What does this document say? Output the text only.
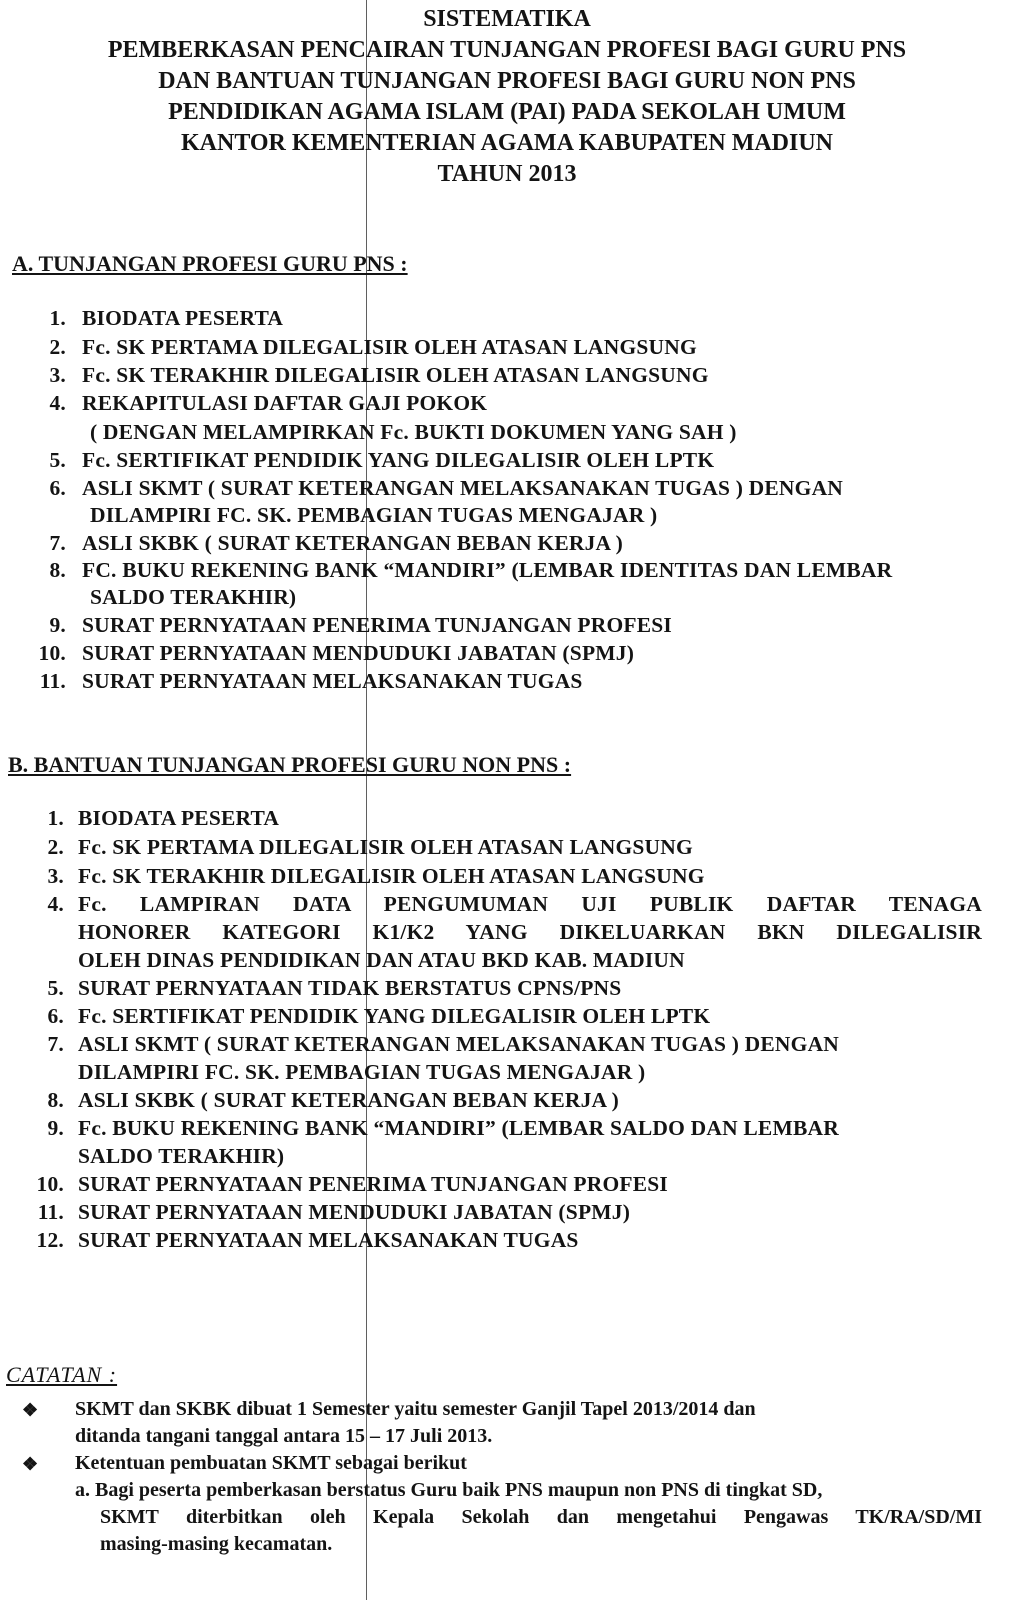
SISTEMATIKA
PEMBERKASAN PENCAIRAN TUNJANGAN PROFESI BAGI GURU PNS
DAN BANTUAN TUNJANGAN PROFESI BAGI GURU NON PNS
PENDIDIKAN AGAMA ISLAM (PAI) PADA SEKOLAH UMUM
KANTOR KEMENTERIAN AGAMA KABUPATEN MADIUN
TAHUN 2013
A. TUNJANGAN PROFESI GURU PNS :
1. BIODATA PESERTA
2. Fc. SK PERTAMA DILEGALISIR OLEH ATASAN LANGSUNG
3. Fc. SK TERAKHIR DILEGALISIR OLEH ATASAN LANGSUNG
4. REKAPITULASI DAFTAR GAJI POKOK
( DENGAN MELAMPIRKAN Fc. BUKTI DOKUMEN YANG SAH )
5. Fc. SERTIFIKAT PENDIDIK YANG DILEGALISIR OLEH LPTK
6. ASLI SKMT ( SURAT KETERANGAN MELAKSANAKAN TUGAS ) DENGAN
DILAMPIRI FC. SK. PEMBAGIAN TUGAS MENGAJAR )
7. ASLI SKBK ( SURAT KETERANGAN BEBAN KERJA )
8. FC. BUKU REKENING BANK “MANDIRI” (LEMBAR IDENTITAS DAN LEMBAR
SALDO TERAKHIR)
9. SURAT PERNYATAAN PENERIMA TUNJANGAN PROFESI
10. SURAT PERNYATAAN MENDUDUKI JABATAN (SPMJ)
11. SURAT PERNYATAAN MELAKSANAKAN TUGAS
B. BANTUAN TUNJANGAN PROFESI GURU NON PNS :
1. BIODATA PESERTA
2. Fc. SK PERTAMA DILEGALISIR OLEH ATASAN LANGSUNG
3. Fc. SK TERAKHIR DILEGALISIR OLEH ATASAN LANGSUNG
4. Fc. LAMPIRAN DATA PENGUMUMAN UJI PUBLIK DAFTAR TENAGA
HONORER KATEGORI K1/K2 YANG DIKELUARKAN BKN DILEGALISIR
OLEH DINAS PENDIDIKAN DAN ATAU BKD KAB. MADIUN
5. SURAT PERNYATAAN TIDAK BERSTATUS CPNS/PNS
6. Fc. SERTIFIKAT PENDIDIK YANG DILEGALISIR OLEH LPTK
7. ASLI SKMT ( SURAT KETERANGAN MELAKSANAKAN TUGAS ) DENGAN
DILAMPIRI FC. SK. PEMBAGIAN TUGAS MENGAJAR )
8. ASLI SKBK ( SURAT KETERANGAN BEBAN KERJA )
9. Fc. BUKU REKENING BANK “MANDIRI” (LEMBAR SALDO DAN LEMBAR
SALDO TERAKHIR)
10. SURAT PERNYATAAN PENERIMA TUNJANGAN PROFESI
11. SURAT PERNYATAAN MENDUDUKI JABATAN (SPMJ)
12. SURAT PERNYATAAN MELAKSANAKAN TUGAS
CATATAN :
❖ SKMT dan SKBK dibuat 1 Semester yaitu semester Ganjil Tapel 2013/2014 dan
ditanda tangani tanggal antara 15 – 17 Juli 2013.
❖ Ketentuan pembuatan SKMT sebagai berikut
a. Bagi peserta pemberkasan berstatus Guru baik PNS maupun non PNS di tingkat SD,
SKMT diterbitkan oleh Kepala Sekolah dan mengetahui Pengawas TK/RA/SD/MI
masing-masing kecamatan.
